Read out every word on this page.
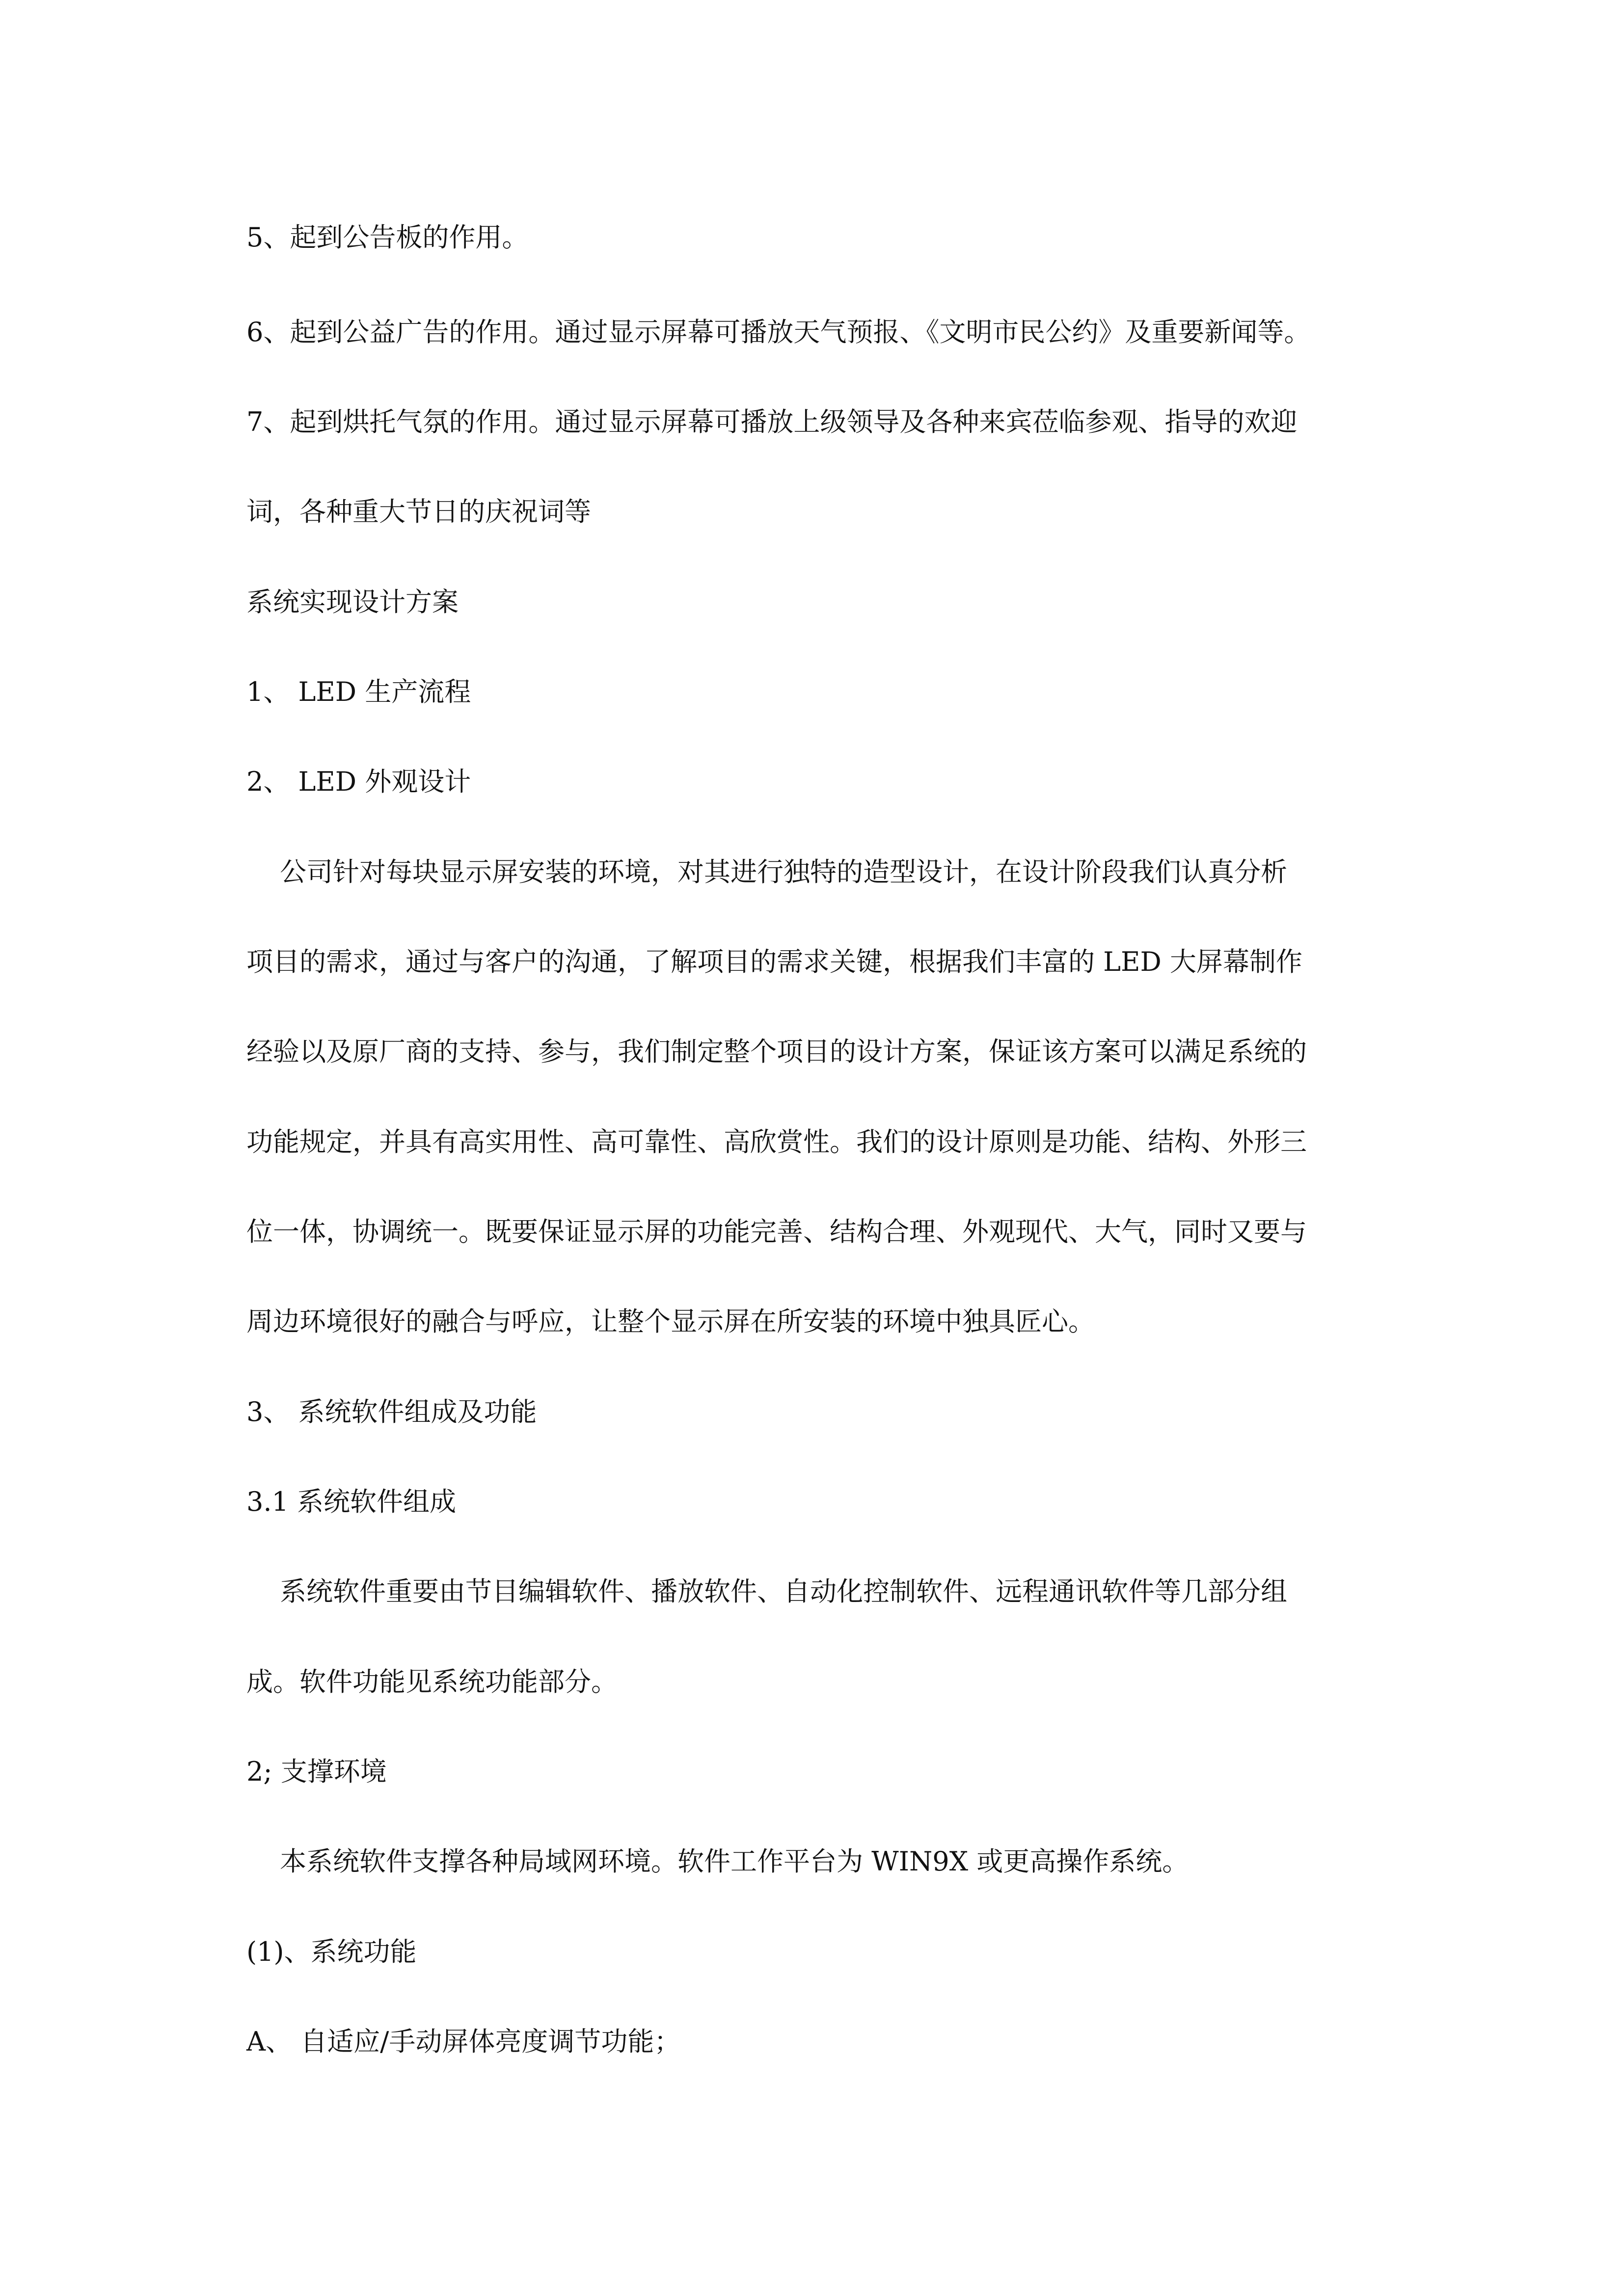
5、起到公告板的作用。

6、起到公益广告的作用。通过显示屏幕可播放天气预报、《文明市民公约》及重要新闻等。

7、起到烘托气氛的作用。通过显示屏幕可播放上级领导及各种来宾莅临参观、指导的欢迎

词，各种重大节日的庆祝词等

系统实现设计方案

1、 LED 生产流程

2、 LED 外观设计

公司针对每块显示屏安装的环境，对其进行独特的造型设计，在设计阶段我们认真分析

项目的需求，通过与客户的沟通，了解项目的需求关键，根据我们丰富的 LED 大屏幕制作

经验以及原厂商的支持、参与，我们制定整个项目的设计方案，保证该方案可以满足系统的

功能规定，并具有高实用性、高可靠性、高欣赏性。我们的设计原则是功能、结构、外形三

位一体，协调统一。既要保证显示屏的功能完善、结构合理、外观现代、大气，同时又要与

周边环境很好的融合与呼应，让整个显示屏在所安装的环境中独具匠心。

3、 系统软件组成及功能

3.1 系统软件组成

系统软件重要由节目编辑软件、播放软件、自动化控制软件、远程通讯软件等几部分组

成。软件功能见系统功能部分。

2; 支撑环境

本系统软件支撑各种局域网环境。软件工作平台为 WIN9X 或更高操作系统。

(1)、系统功能

A、 自适应/手动屏体亮度调节功能；
